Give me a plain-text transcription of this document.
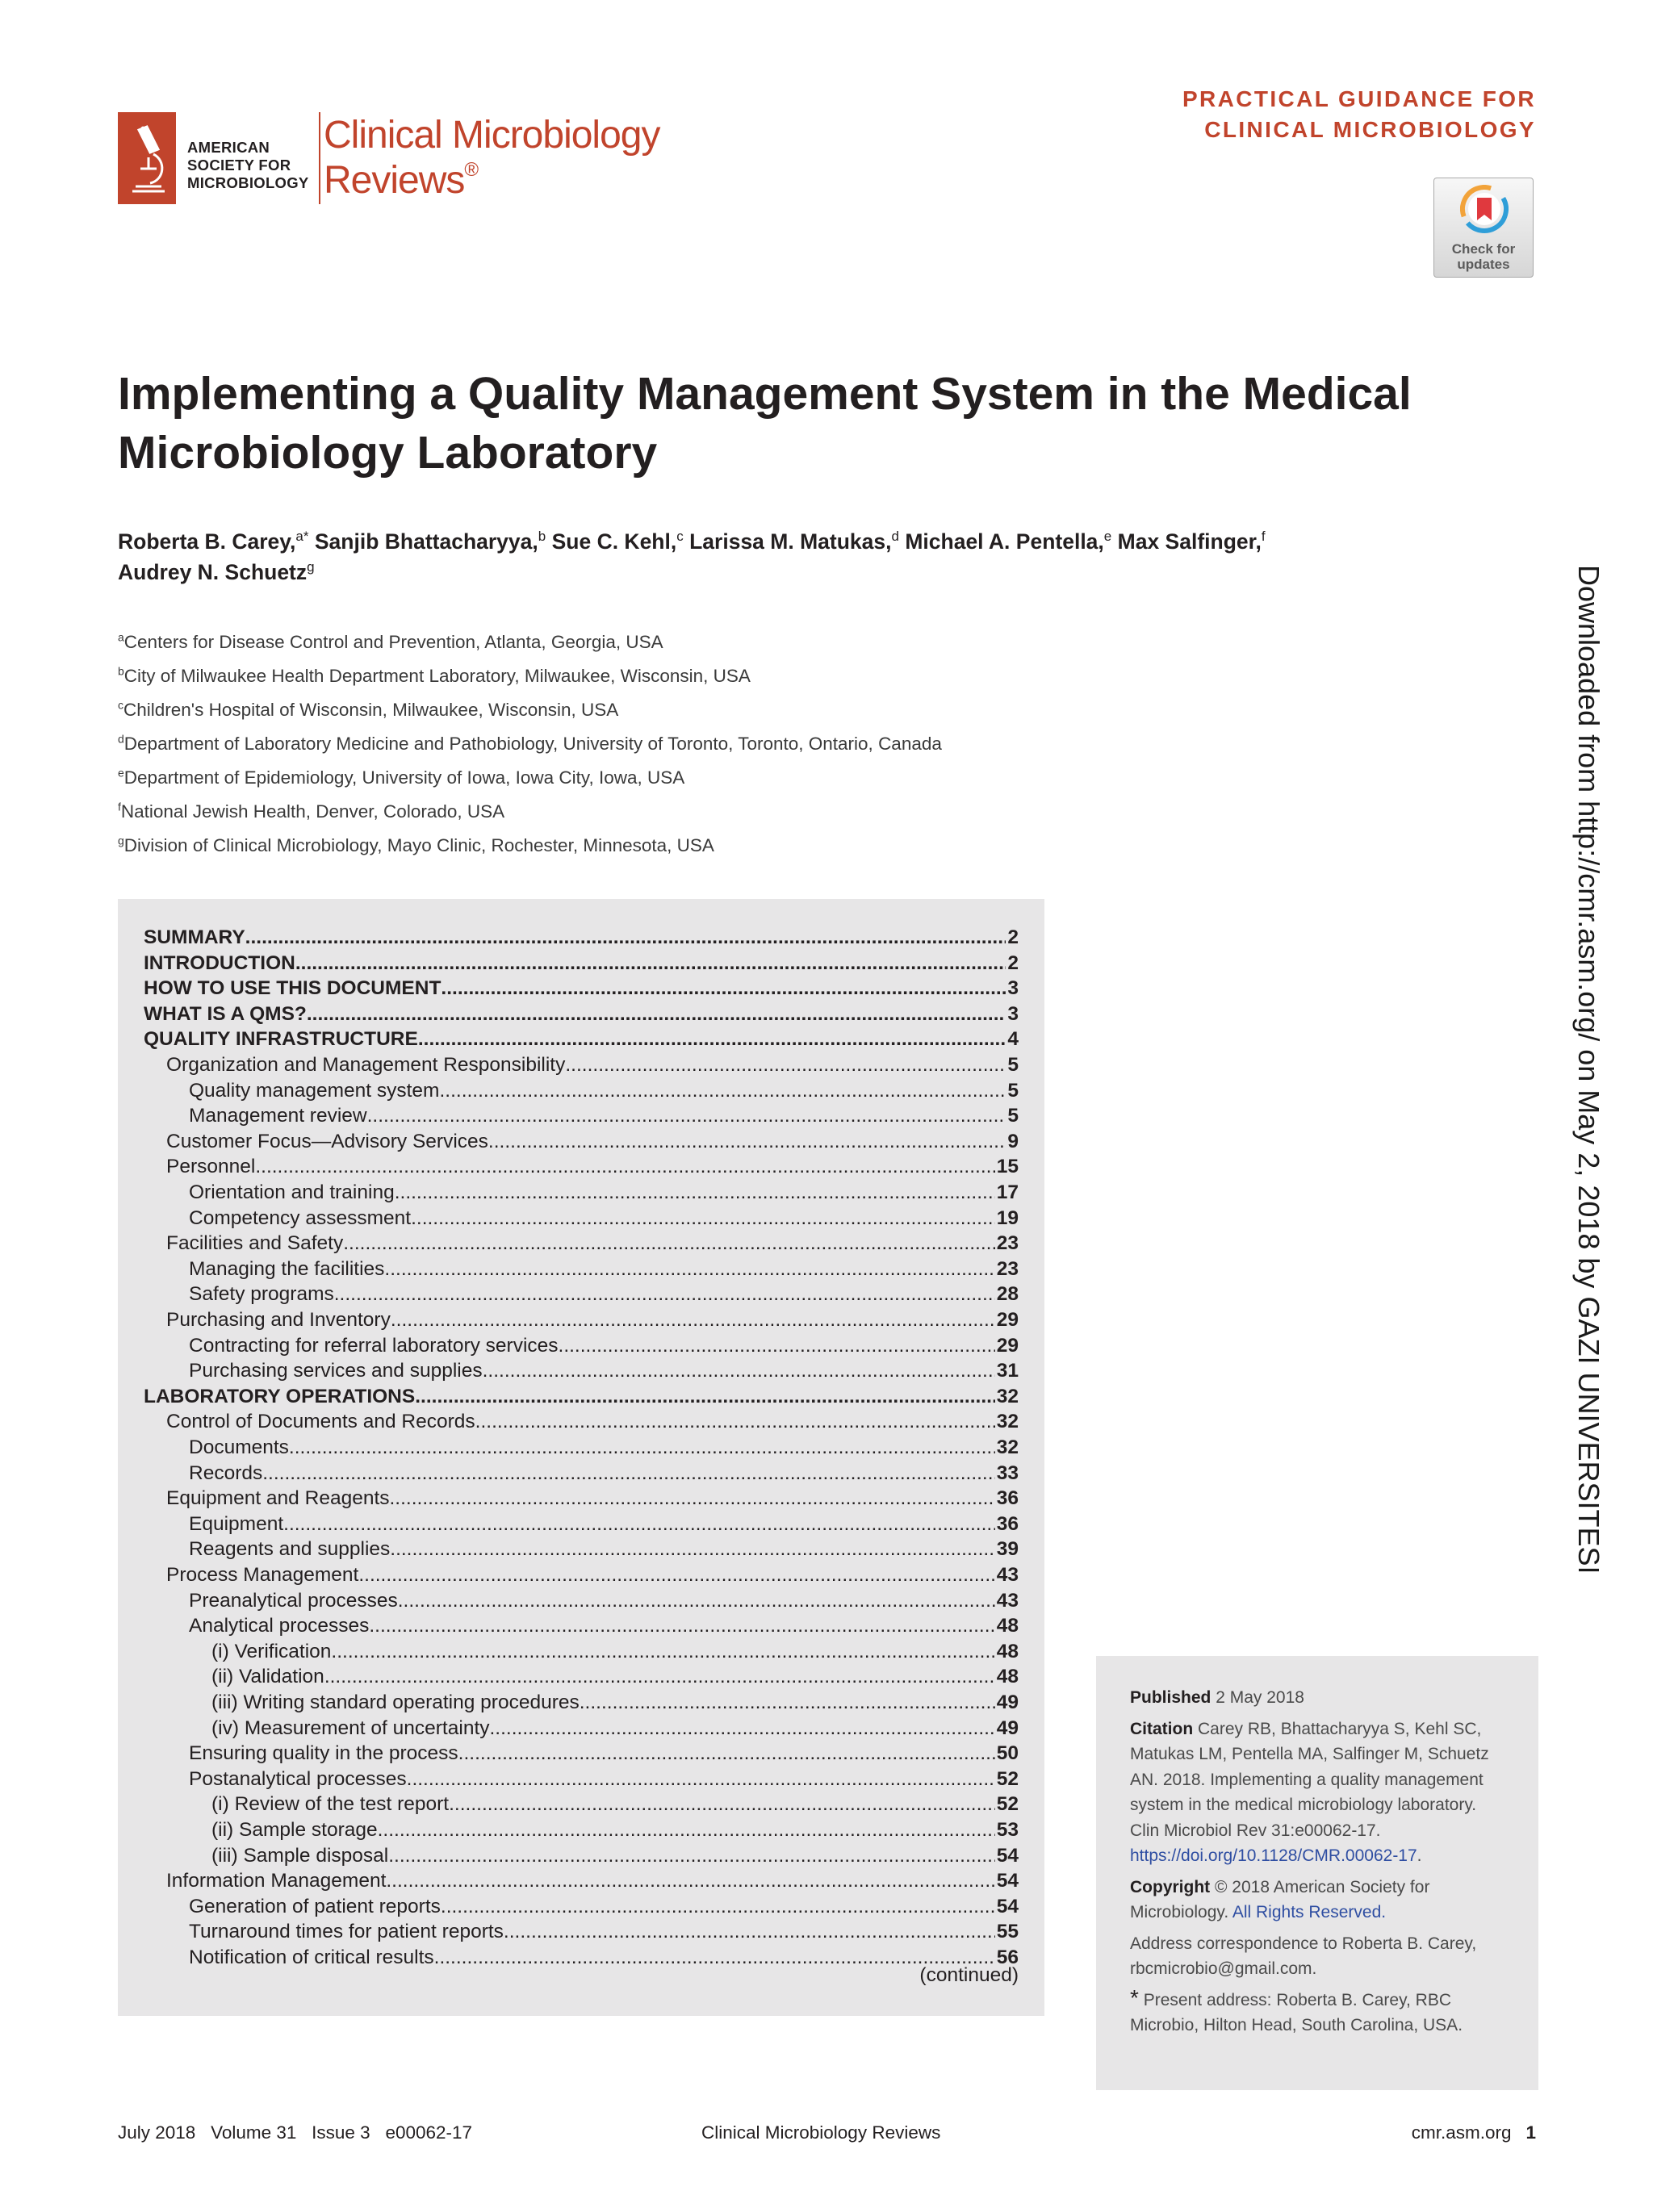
AMERICAN
SOCIETY FOR
MICROBIOLOGY
Clinical Microbiology
Reviews®
PRACTICAL GUIDANCE FOR
CLINICAL MICROBIOLOGY
Check for
updates
Implementing a Quality Management System in the Medical
Microbiology Laboratory
Roberta B. Carey,$^{a*}$ Sanjib Bhattacharyya,$^b$ Sue C. Kehl,$^c$ Larissa M. Matukas,$^d$ Michael A. Pentella,$^e$ Max Salfinger,$^f$
Audrey N. Schuetz$^g$
$^a$Centers for Disease Control and Prevention, Atlanta, Georgia, USA
$^b$City of Milwaukee Health Department Laboratory, Milwaukee, Wisconsin, USA
$^c$Children's Hospital of Wisconsin, Milwaukee, Wisconsin, USA
$^d$Department of Laboratory Medicine and Pathobiology, University of Toronto, Toronto, Ontario, Canada
$^e$Department of Epidemiology, University of Iowa, Iowa City, Iowa, USA
$^f$National Jewish Health, Denver, Colorado, USA
$^g$Division of Clinical Microbiology, Mayo Clinic, Rochester, Minnesota, USA	Downloaded from http://cmr.asm.org/ on May 2, 2018 by GAZI UNIVERSITESI
(continued)
SUMMARY .....	2
INTRODUCTION .....	2
HOW TO USE THIS DOCUMENT .....	3
WHAT IS A QMS? .....	3
QUALITY INFRASTRUCTURE .....	4
Organization and Management Responsibility .....	5
Quality management system .....	5
Management review .....	5
Customer Focus—Advisory Services .....	9
Personnel .....	15
Orientation and training .....	17
Competency assessment .....	19
Facilities and Safety .....	23
Managing the facilities .....	23
Safety programs .....	28
Purchasing and Inventory .....	29
Contracting for referral laboratory services .....	29
Purchasing services and supplies .....	31
LABORATORY OPERATIONS .....	32
Control of Documents and Records .....	32
Documents .....	32
Records .....	33
Equipment and Reagents .....	36
Equipment .....	36
Reagents and supplies .....	39
Process Management .....	43
Preanalytical processes .....	43
Analytical processes .....	48
(i) Verification .....	48
(ii) Validation .....	48
(iii) Writing standard operating procedures .....	49
(iv) Measurement of uncertainty .....	49
Ensuring quality in the process .....	50
Postanalytical processes .....	52
(i) Review of the test report .....	52
(ii) Sample storage .....	53
(iii) Sample disposal .....	54
Information Management .....	54
Generation of patient reports .....	54
Turnaround times for patient reports .....	55
Notification of critical results. .....	56

Published 2 May 2018

Citation Carey RB, Bhattacharyya S, Kehl SC, Matukas LM, Pentella MA, Salfinger M, Schuetz AN. 2018. Implementing a quality management system in the medical microbiology laboratory. Clin Microbiol Rev 31:e00062-17. https://doi.org/10.1128/CMR.00062-17.

Copyright © 2018 American Society for Microbiology. All Rights Reserved.

Address correspondence to Roberta B. Carey, rbcmicrobio@gmail.com.

* Present address: Roberta B. Carey, RBC Microbio, Hilton Head, South Carolina, USA.

July 2018   Volume 31   Issue 3   e00062-17	Clinical Microbiology Reviews	cmr.asm.org 1
